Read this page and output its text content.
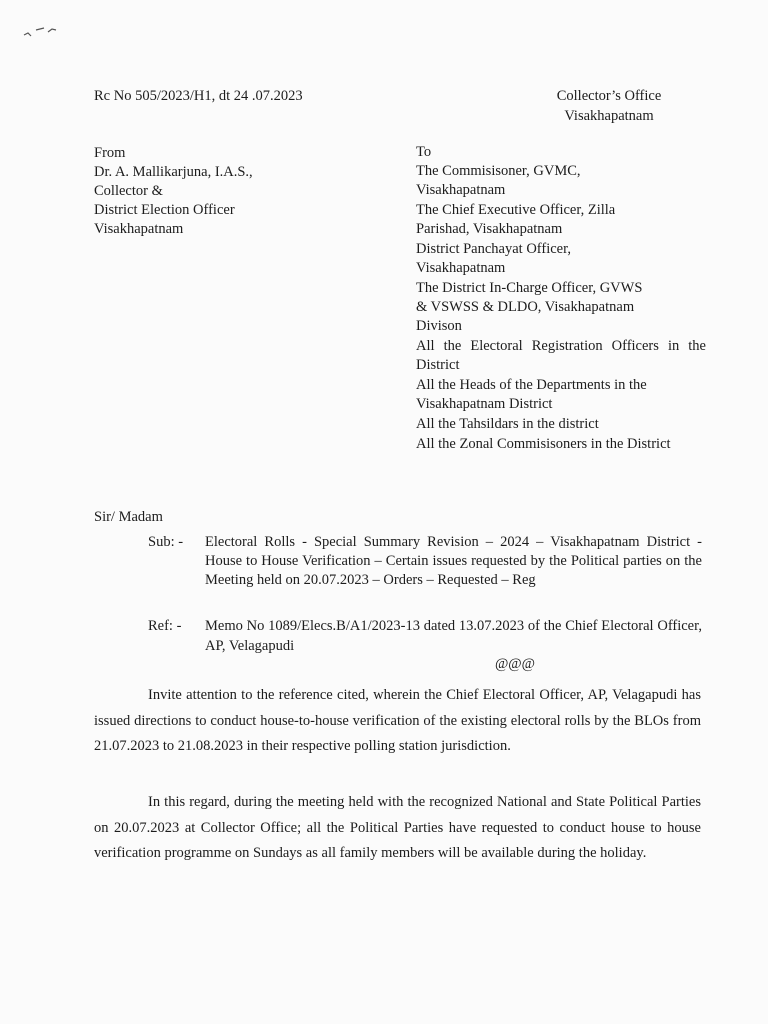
Rc No 505/2023/H1, dt 24 .07.2023	Collector’s Office
Visakhapatnam
From
Dr. A. Mallikarjuna, I.A.S.,
Collector &
District Election Officer
Visakhapatnam
To
The Commisisoner, GVMC, Visakhapatnam
The Chief Executive Officer, Zilla Parishad, Visakhapatnam
District Panchayat Officer, Visakhapatnam
The District In-Charge Officer, GVWS & VSWSS & DLDO, Visakhapatnam Divison
All the Electoral Registration Officers in the District
All the Heads of the Departments in the Visakhapatnam District
All the Tahsildars in the district
All the Zonal Commisisoners in the District
Sir/ Madam
Sub: - Electoral Rolls - Special Summary Revision – 2024 – Visakhapatnam District - House to House Verification – Certain issues requested by the Political parties on the Meeting held on 20.07.2023 – Orders – Requested – Reg
Ref: - Memo No 1089/Elecs.B/A1/2023-13 dated 13.07.2023 of the Chief Electoral Officer, AP, Velagapudi
@@@
Invite attention to the reference cited, wherein the Chief Electoral Officer, AP, Velagapudi has issued directions to conduct house-to-house verification of the existing electoral rolls by the BLOs from 21.07.2023 to 21.08.2023 in their respective polling station jurisdiction.
In this regard, during the meeting held with the recognized National and State Political Parties on 20.07.2023 at Collector Office; all the Political Parties have requested to conduct house to house verification programme on Sundays as all family members will be available during the holiday.
